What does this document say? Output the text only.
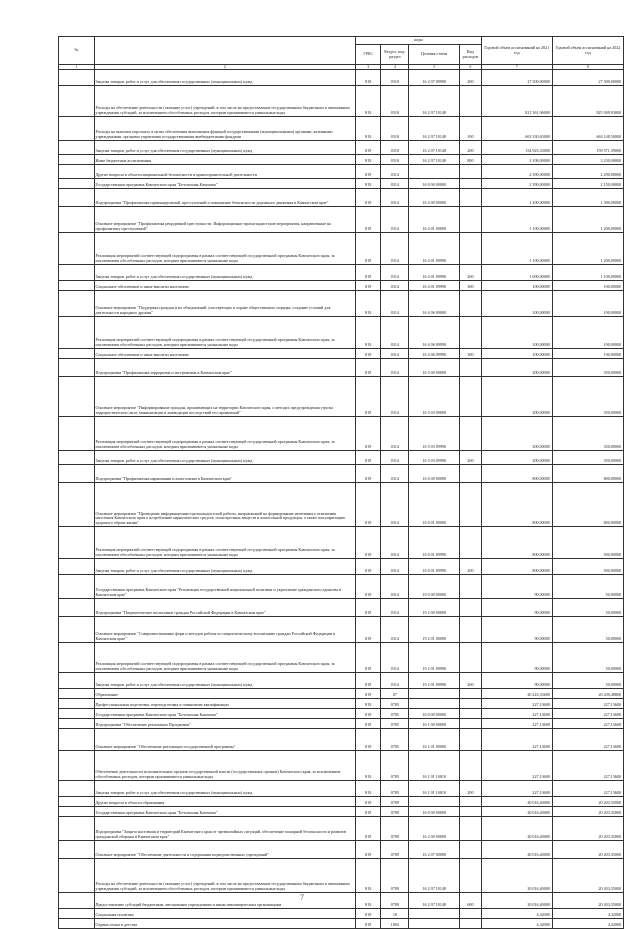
№		коды				Годовой объем ассигнований на 2021 год	Годовой объем ассигнований на 2022 год
		ГРБС	Раздел, под-раздел	Целевая статья	Вид расходов		
1	2	3	4	5	6	7	8
	Закупка товаров, работ и услуг для обеспечения государственных (муниципальных) нужд	819	0310	16 2 07 09990	200	27 500,00000	27 500,00000
	Расходы на обеспечение деятельности (оказание услуг) учреждений, в том числе на предоставление государственным бюджетным и автономным учреждениям субсидий, за исключением обособленных расходов, которым присваиваются уникальные коды	819	0310	16 2 07 10140		821 361,96000	825 949,93000
	Расходы на выплаты персоналу в целях обеспечения выполнения функций государственными (муниципальными) органами, казенными учреждениями, органами управления государственными внебюджетными фондами	819	0310	16 2 07 10140	100	663 330,65000	663 148,50000
	Закупка товаров, работ и услуг для обеспечения государственных (муниципальных) нужд	819	0310	16 2 07 10140	200	154 923,33000	159 571,39000
	Иные бюджетные ассигнования	819	0310	16 2 07 10140	800	3 108,00000	3 230,00000
	Другие вопросы в области национальной безопасности и правоохранительной деятельности	819	0314			2 390,00000	2 290,00000
	Государственная программа Камчатского края "Безопасная Камчатка"	819	0314	16 0 00 00000		2 390,00000	2 150,00000
	Подпрограмма "Профилактика правонарушений, преступлений и повышение безопасности дорожного движения в Камчатском крае"	819	0314	16 4 00 00000		1 200,00000	1 390,00000
	Основное мероприятие "Профилактика рецидивной преступности. Информационно-пропагандистские мероприятия, направленные на профилактику преступлений"	819	0314	16 4 01 00000		1 100,00000	1 200,00000
	Реализация мероприятий соответствующей подпрограммы в рамках соответствующей государственной программы Камчатского края, за исключением обособленных расходов, которым присваиваются уникальные коды	819	0314	16 4 01 09990		1 100,00000	1 200,00000
	Закупка товаров, работ и услуг для обеспечения государственных (муниципальных) нужд	819	0314	16 4 01 09990	200	1 000,00000	1 100,00000
	Социальное обеспечение и иные выплаты населению	819	0314	16 4 01 09990	300	100,00000	100,00000
	Основное мероприятие "Поддержка граждан и их объединений, участвующих в охране общественного порядка, создание условий для деятельности народных дружин"	819	0314	16 4 06 00000		100,00000	190,00000
	Реализация мероприятий соответствующей подпрограммы в рамках соответствующей государственной программы Камчатского края, за исключением обособленных расходов, которым присваиваются уникальные коды	819	0314	16 4 06 09990		100,00000	190,00000
	Социальное обеспечение и иные выплаты населению	819	0314	16 4 06 09990	300	100,00000	190,00000
	Подпрограмма "Профилактика терроризма и экстремизма в Камчатском крае"	819	0314	16 5 00 00000		300,00000	350,00000
	Основное мероприятие "Информирование граждан, проживающих на территории Камчатского края, о методах предупреждения угрозы террористического акта, минимизации и ликвидации последствий его проявлений"	819	0314	16 5 03 00000		300,00000	350,00000
	Реализация мероприятий соответствующей подпрограммы в рамках соответствующей государственной программы Камчатского края, за исключением обособленных расходов, которым присваиваются уникальные коды	819	0314	16 5 03 09990		300,00000	350,00000
	Закупка товаров, работ и услуг для обеспечения государственных (муниципальных) нужд	819	0314	16 5 03 09990	200	300,00000	350,00000
	Подпрограмма "Профилактика наркомании и алкоголизма в Камчатском крае"	819	0314	16 6 00 00000		800,00000	800,00000
	Основное мероприятие "Проведение информационно-пропагандистской работы, направленной на формирование негативного отношения населения Камчатского края к потреблению наркотических средств, психотропных веществ и алкогольной продукции, а также популяризацию здорового образа жизни"	819	0314	16 6 01 00000		800,00000	800,00000
	Реализация мероприятий соответствующей подпрограммы в рамках соответствующей государственной программы Камчатского края, за исключением обособленных расходов, которым присваиваются уникальные коды	819	0314	16 6 01 09990		800,00000	500,00000
	Закупка товаров, работ и услуг для обеспечения государственных (муниципальных) нужд	819	0314	16 6 01 09990	200	800,00000	500,00000
	Государственная программа Камчатского края "Реализация государственной национальной политики и укрепление гражданского единства в Камчатском крае"	819	0314	19 0 00 00000		90,00000	50,00000
	Подпрограмма "Патриотическое воспитание граждан Российской Федерации в Камчатском крае"	819	0314	19 2 00 00000		90,00000	50,00000
	Основное мероприятие "Совершенствование форм и методов работы по патриотическому воспитанию граждан Российской Федерации в Камчатском крае"	819	0314	19 2 01 00000		90,00000	50,00000
	Реализация мероприятий соответствующей подпрограммы в рамках соответствующей государственной программы Камчатского края, за исключением обособленных расходов, которым присваиваются уникальные коды	819	0314	19 2 01 09990		90,00000	50,00000
	Закупка товаров, работ и услуг для обеспечения государственных (муниципальных) нужд	819	0314	19 2 01 09990	200	90,00000	50,00000
	Образование	819	07			20 243,33600	20 430,48800
	Профессиональная подготовка, переподготовка и повышение квалификации	819	0705			227,13600	227,13600
	Государственная программа Камчатского края "Безопасная Камчатка"	819	0705	16 0 00 00000		227,13600	227,13600
	Подпрограмма "Обеспечение реализации Программы"	819	0705	16 1 00 00000		227,13600	227,13600
	Основное мероприятие "Обеспечение реализации государственной программы"	819	0705	16 1 01 00000		227,13600	227,13600
	Обеспечение деятельности исполнительных органов государственной власти (государственных органов) Камчатского края, за исключением обособленных расходов, которым присваиваются уникальные коды	819	0705	16 1 01 10010		227,13600	227,13600
	Закупка товаров, работ и услуг для обеспечения государственных (муниципальных) нужд	819	0705	16 1 01 10010	200	227,13600	227,13600
	Другие вопросы в области образования	819	0709			20 016,40000	20 203,35000
	Государственная программа Камчатского края "Безопасная Камчатка"	819	0709	16 0 00 00000		20 016,40000	20 203,35000
	Подпрограмма "Защита населения и территорий Камчатского края от чрезвычайных ситуаций, обеспечение пожарной безопасности и развитие гражданской обороны в Камчатском крае"	819	0709	16 2 00 00000		20 016,40000	20 203,35000
	Основное мероприятие "Обеспечение деятельности и содержания подведомственных учреждений"	819	0709	16 2 07 00000		20 016,40000	20 203,35000
	Расходы на обеспечение деятельности (оказание услуг) учреждений, в том числе на предоставление государственным бюджетным и автономным учреждениям субсидий, за исключением обособленных расходов, которым присваиваются уникальные коды	819	0709	16 2 07 10140		20 016,40000	20 203,35000
	Предоставление субсидий бюджетным, автономным учреждениям и иным некоммерческим организациям	819	0709	16 2 07 10140	600	20 016,40000	20 203,35000
	Социальная политика	819	10			4,32000	4,32000
	Охрана семьи и детства	819	1004			4,32000	4,32000
7
